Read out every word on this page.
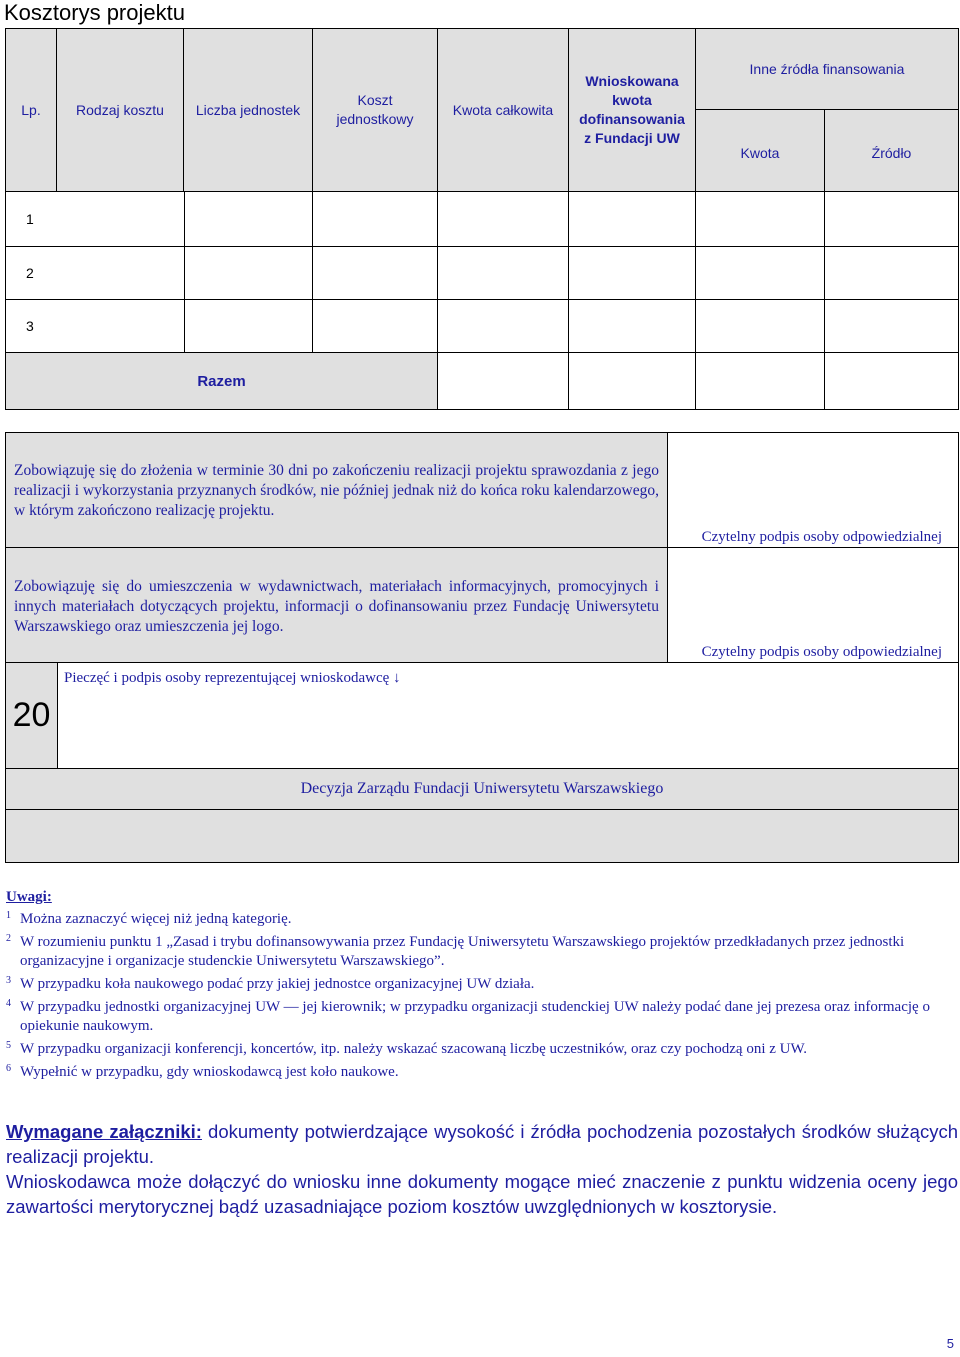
Kosztorys projektu
Lp.	Rodzaj kosztu Liczba jednostek
Koszt jednostkowy
Kwota całkowita
Wnioskowana kwota dofinansowania z Fundacji UW
Inne źródła finansowania
Kwota	Źródło
1
2
3
Razem

Zobowiązuję się do złożenia w terminie 30 dni po zakończeniu realizacji projektu sprawozdania z jego realizacji i wykorzystania przyznanych środków, nie później jednak niż do końca roku kalendarzowego, w którym zakończono realizację projektu.

Czytelny podpis osoby odpowiedzialnej

Zobowiązuję się do umieszczenia w wydawnictwach, materiałach informacyjnych, promocyjnych i innych materiałach dotyczących projektu, informacji o dofinansowaniu przez Fundację Uniwersytetu Warszawskiego oraz umieszczenia jej logo.

Czytelny podpis osoby odpowiedzialnej
20
Pieczęć i podpis osoby reprezentującej wnioskodawcę ↓
Decyzja Zarządu Fundacji Uniwersytetu Warszawskiego
Uwagi:
1 Można zaznaczyć więcej niż jedną kategorię.
2 W rozumieniu punktu 1 „Zasad i trybu dofinansowywania przez Fundację Uniwersytetu Warszawskiego projektów przedkładanych przez jednostki organizacyjne i organizacje studenckie Uniwersytetu Warszawskiego”.
3 W przypadku koła naukowego podać przy jakiej jednostce organizacyjnej UW działa.
4 W przypadku jednostki organizacyjnej UW — jej kierownik; w przypadku organizacji studenckiej UW należy podać dane jej prezesa oraz informację o opiekunie naukowym.
5 W przypadku organizacji konferencji, koncertów, itp. należy wskazać szacowaną liczbę uczestników, oraz czy pochodzą oni z UW.
6 Wypełnić w przypadku, gdy wnioskodawcą jest koło naukowe.

Wymagane załączniki: dokumenty potwierdzające wysokość i źródła pochodzenia pozostałych środków służących realizacji projektu.

Wnioskodawca może dołączyć do wniosku inne dokumenty mogące mieć znaczenie z punktu widzenia oceny jego zawartości merytorycznej bądź uzasadniające poziom kosztów uwzględnionych w kosztorysie.

5
